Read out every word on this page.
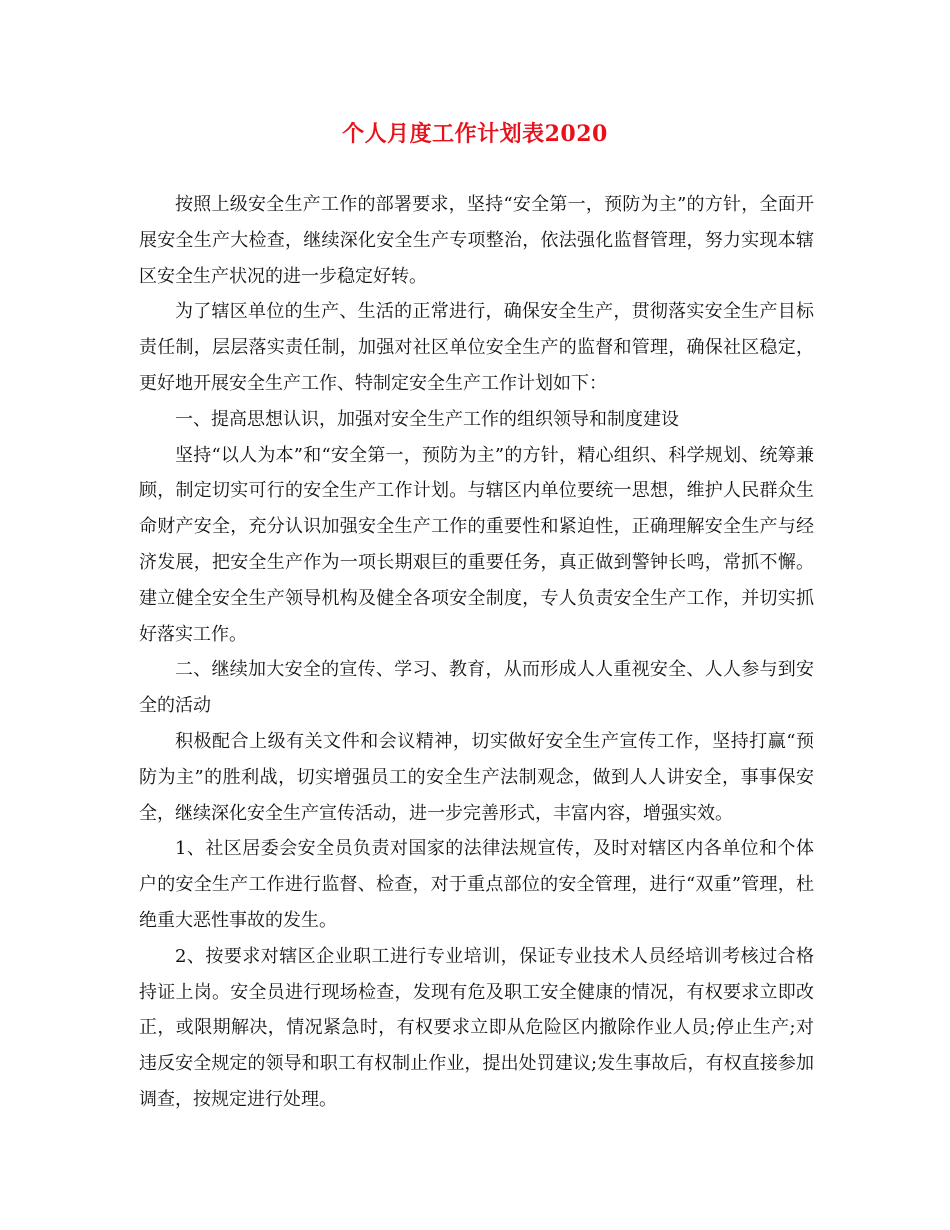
个人月度工作计划表2020

按照上级安全生产工作的部署要求，坚持“安全第一，预防为主”的方针，全面开展安全生产大检查，继续深化安全生产专项整治，依法强化监督管理，努力实现本辖区安全生产状况的进一步稳定好转。

为了辖区单位的生产、生活的正常进行，确保安全生产，贯彻落实安全生产目标责任制，层层落实责任制，加强对社区单位安全生产的监督和管理，确保社区稳定，更好地开展安全生产工作、特制定安全生产工作计划如下：

一、提高思想认识，加强对安全生产工作的组织领导和制度建设

坚持“以人为本”和“安全第一，预防为主”的方针，精心组织、科学规划、统筹兼顾，制定切实可行的安全生产工作计划。与辖区内单位要统一思想，维护人民群众生命财产安全，充分认识加强安全生产工作的重要性和紧迫性，正确理解安全生产与经济发展，把安全生产作为一项长期艰巨的重要任务，真正做到警钟长鸣，常抓不懈。建立健全安全生产领导机构及健全各项安全制度，专人负责安全生产工作，并切实抓好落实工作。

二、继续加大安全的宣传、学习、教育，从而形成人人重视安全、人人参与到安全的活动

积极配合上级有关文件和会议精神，切实做好安全生产宣传工作，坚持打赢“预防为主”的胜利战，切实增强员工的安全生产法制观念，做到人人讲安全，事事保安全，继续深化安全生产宣传活动，进一步完善形式，丰富内容，增强实效。

1、社区居委会安全员负责对国家的法律法规宣传，及时对辖区内各单位和个体户的安全生产工作进行监督、检查，对于重点部位的安全管理，进行“双重”管理，杜绝重大恶性事故的发生。

2、按要求对辖区企业职工进行专业培训，保证专业技术人员经培训考核过合格持证上岗。安全员进行现场检查，发现有危及职工安全健康的情况，有权要求立即改正，或限期解决，情况紧急时，有权要求立即从危险区内撤除作业人员;停止生产;对违反安全规定的领导和职工有权制止作业，提出处罚建议;发生事故后，有权直接参加调查，按规定进行处理。
